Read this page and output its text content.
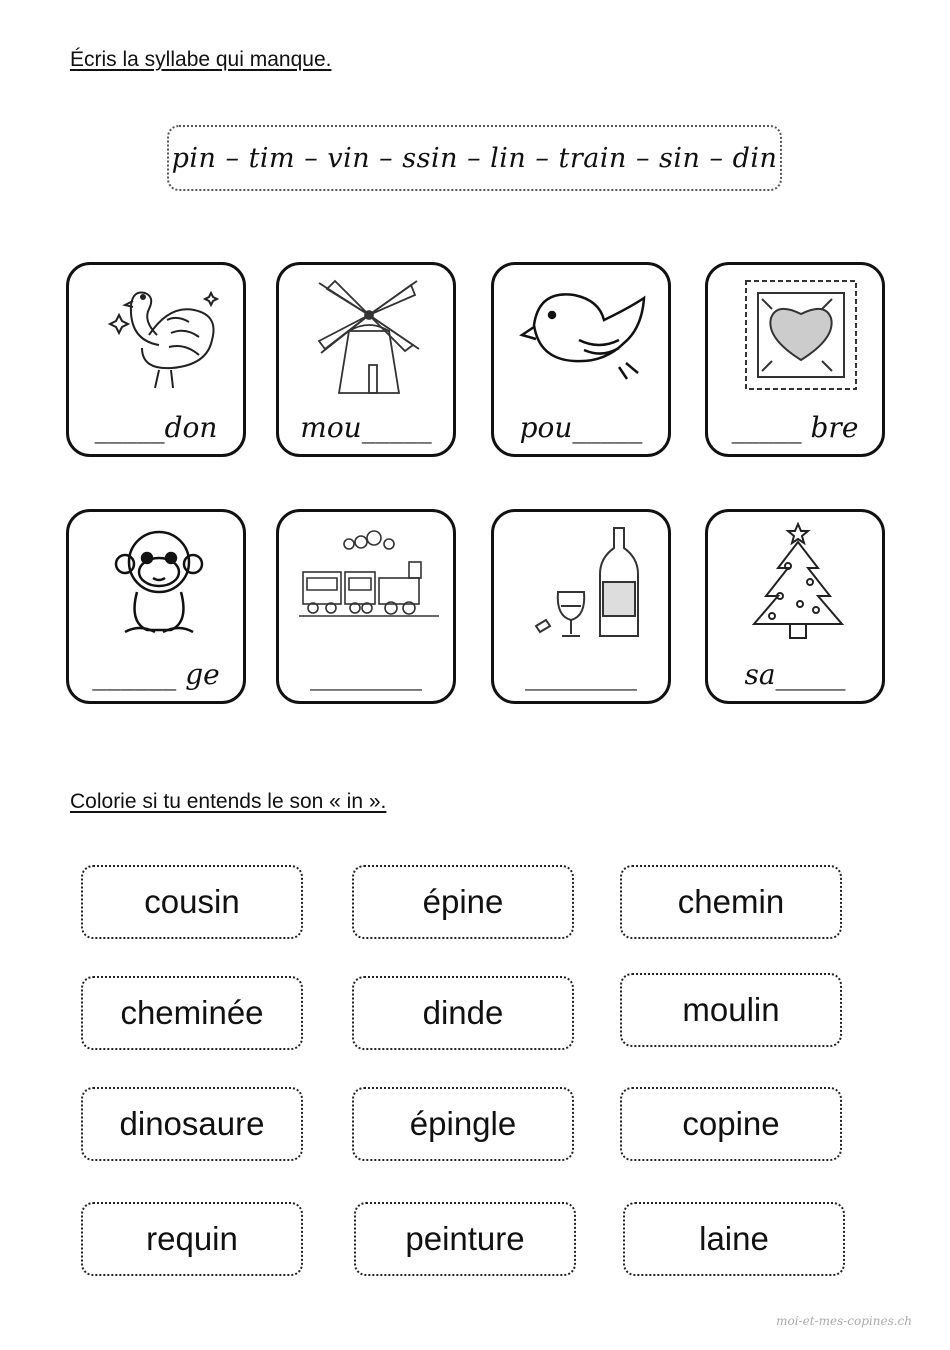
Écris la syllabe qui manque.

pin – tim – vin – ssin – lin – train – sin – din
_____don	mou_____	pou_____	_____ bre
______ ge	________	________	sa_____

Colorie si tu entends le son « in ».

cousin	épine	chemin
cheminée	dinde	moulin
dinosaure	épingle	copine
requin	peinture	laine
moi-et-mes-copines.ch
